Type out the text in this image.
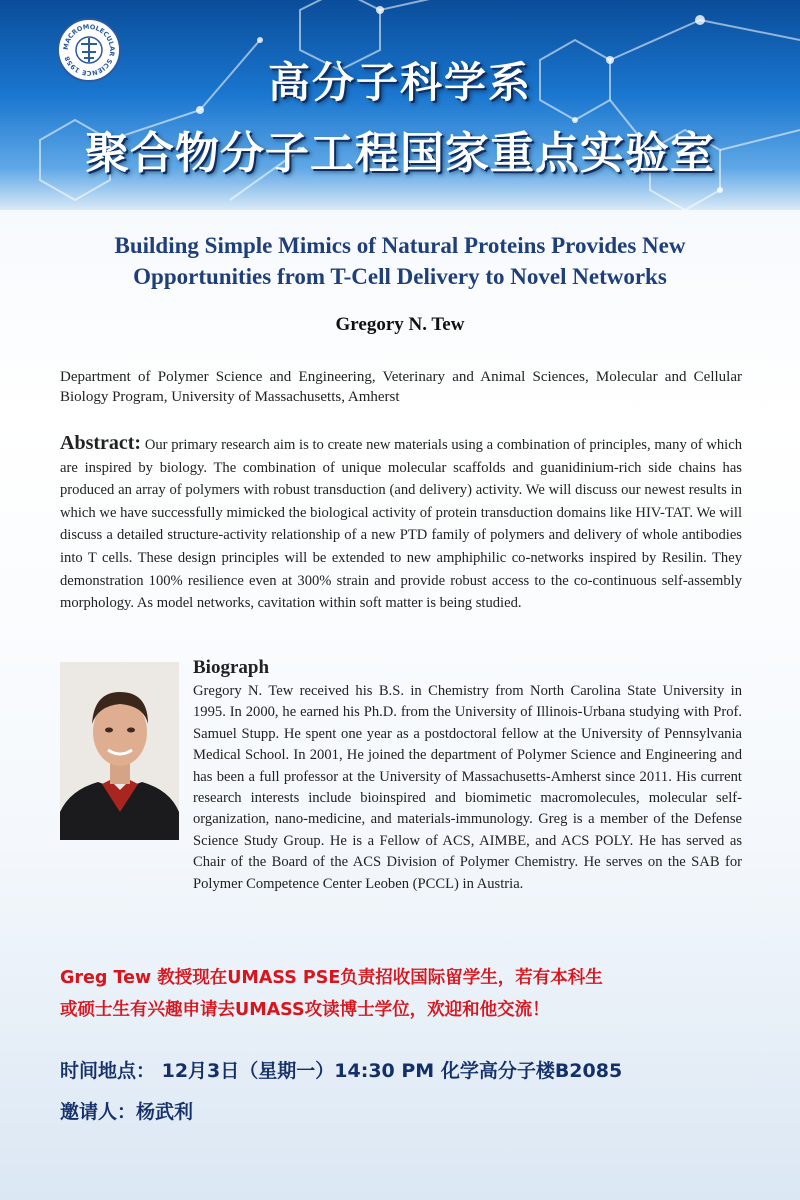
MACROMOLECULAR SCIENCE 1958	高分子科学系
聚合物分子工程国家重点实验室
Building Simple Mimics of Natural Proteins Provides New
Opportunities from T-Cell Delivery to Novel Networks
Gregory N. Tew
Department of Polymer Science and Engineering, Veterinary and Animal Sciences, Molecular and Cellular Biology Program, University of Massachusetts, Amherst
Abstract: Our primary research aim is to create new materials using a combination of principles, many of which are inspired by biology. The combination of unique molecular scaffolds and guanidinium-rich side chains has produced an array of polymers with robust transduction (and delivery) activity. We will discuss our newest results in which we have successfully mimicked the biological activity of protein transduction domains like HIV-TAT. We will discuss a detailed structure-activity relationship of a new PTD family of polymers and delivery of whole antibodies into T cells. These design principles will be extended to new amphiphilic co-networks inspired by Resilin. They demonstration 100% resilience even at 300% strain and provide robust access to the co-continuous self-assembly morphology. As model networks, cavitation within soft matter is being studied.
Biograph
Gregory N. Tew received his B.S. in Chemistry from North Carolina State University in 1995. In 2000, he earned his Ph.D. from the University of Illinois-Urbana studying with Prof. Samuel Stupp. He spent one year as a postdoctoral fellow at the University of Pennsylvania Medical School. In 2001, He joined the department of Polymer Science and Engineering and has been a full professor at the University of Massachusetts-Amherst since 2011. His current research interests include bioinspired and biomimetic macromolecules, molecular self-organization, nano-medicine, and materials-immunology. Greg is a member of the Defense Science Study Group. He is a Fellow of ACS, AIMBE, and ACS POLY. He has served as Chair of the Board of the ACS Division of Polymer Chemistry. He serves on the SAB for Polymer Competence Center Leoben (PCCL) in Austria.
Greg Tew 教授现在UMASS PSE负责招收国际留学生，若有本科生
或硕士生有兴趣申请去UMASS攻读博士学位，欢迎和他交流！
时间地点： 12月3日（星期一）14:30 PM 化学高分子楼B2085
邀请人：杨武利
